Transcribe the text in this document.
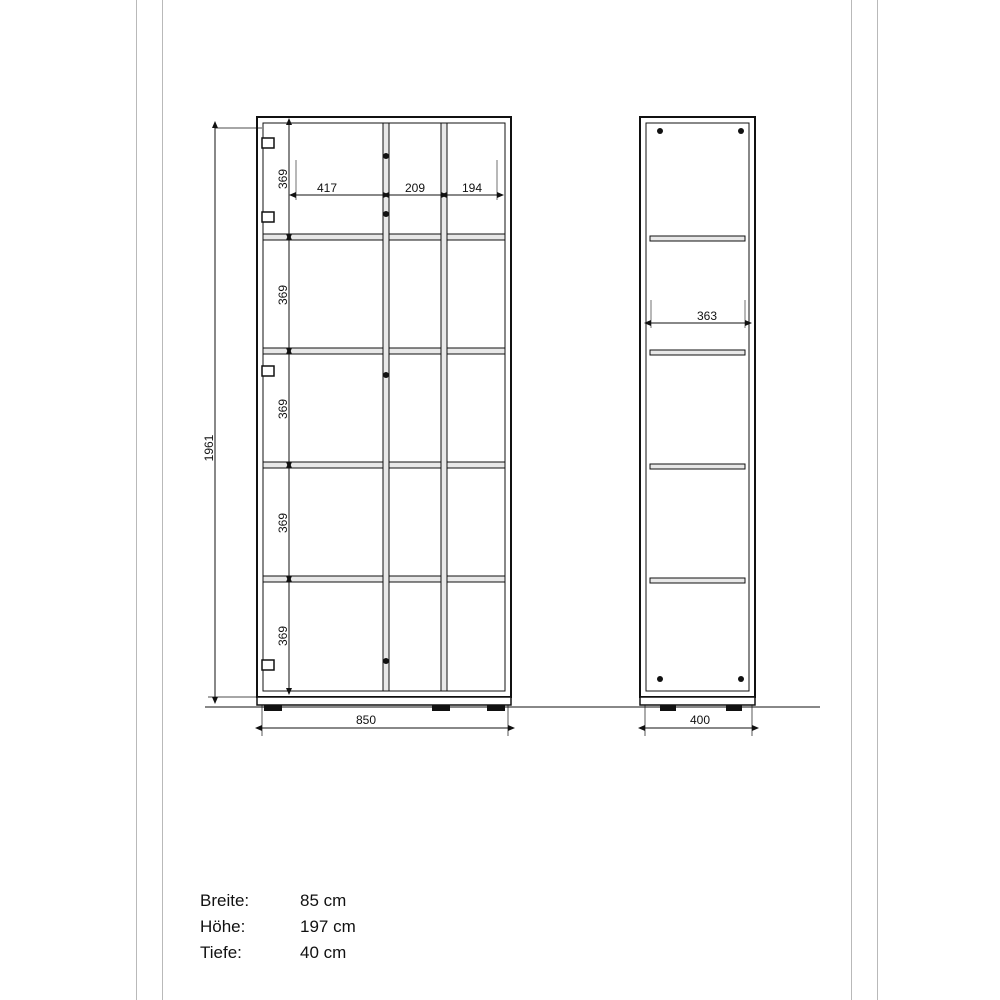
1961
369
369
369
369
369
417	209	194
850
363
400
Breite:	85 cm
Höhe:	197 cm
Tiefe:	40 cm
